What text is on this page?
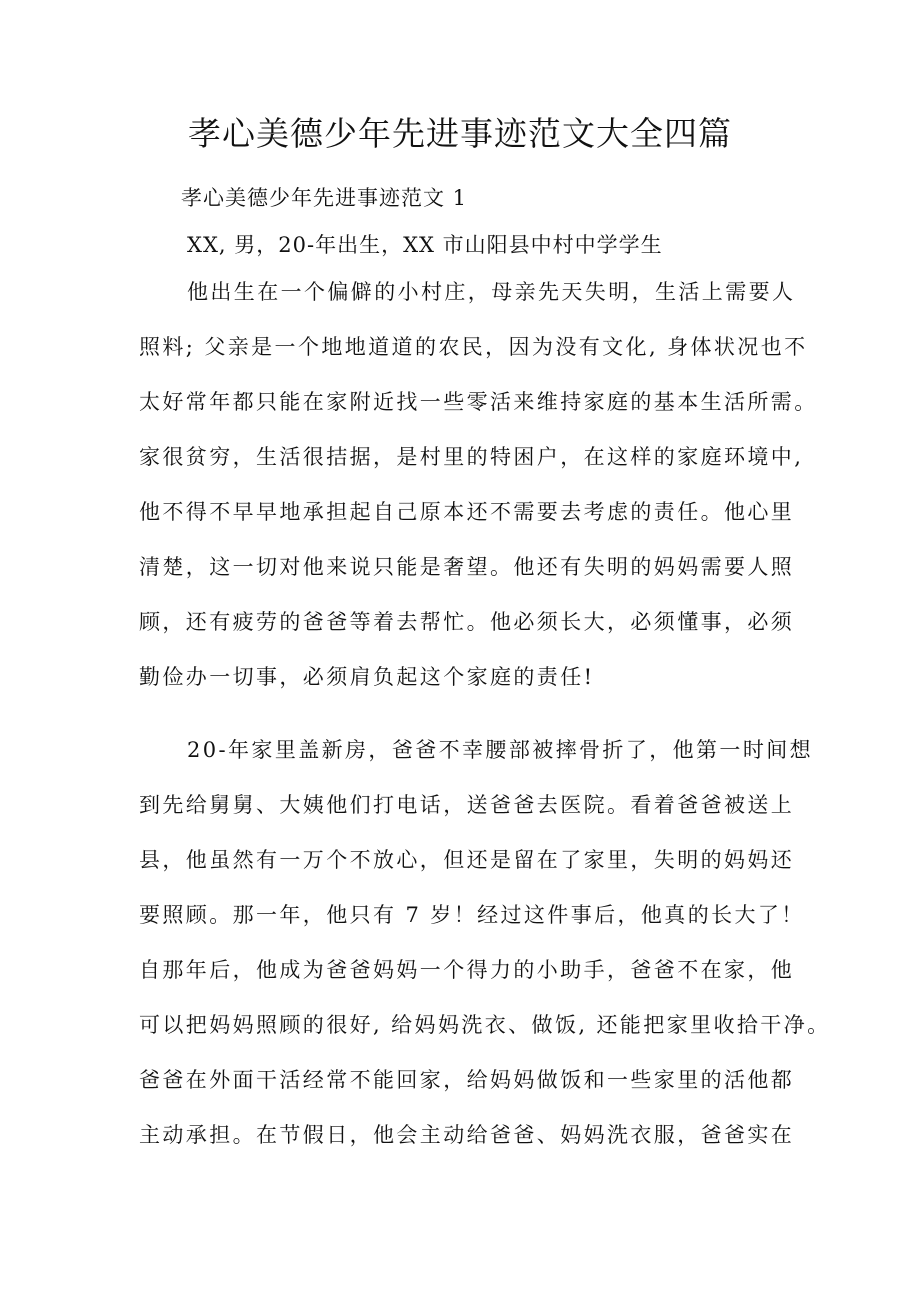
孝心美德少年先进事迹范文大全四篇

孝心美德少年先进事迹范文 1

XX, 男，20-年出生，XX 市山阳县中村中学学生

他出生在一个偏僻的小村庄，母亲先天失明，生活上需要人
照料; 父亲是一个地地道道的农民，因为没有文化, 身体状况也不
太好常年都只能在家附近找一些零活来维持家庭的基本生活所需。
家很贫穷，生活很拮据，是村里的特困户，在这样的家庭环境中,
他不得不早早地承担起自己原本还不需要去考虑的责任。他心里
清楚，这一切对他来说只能是奢望。他还有失明的妈妈需要人照
顾，还有疲劳的爸爸等着去帮忙。他必须长大，必须懂事，必须
勤俭办一切事，必须肩负起这个家庭的责任!
20-年家里盖新房，爸爸不幸腰部被摔骨折了，他第一时间想
到先给舅舅、大姨他们打电话，送爸爸去医院。看着爸爸被送上
县，他虽然有一万个不放心，但还是留在了家里，失明的妈妈还
要照顾。那一年，他只有 7 岁！经过这件事后，他真的长大了！
自那年后，他成为爸爸妈妈一个得力的小助手，爸爸不在家，他
可以把妈妈照顾的很好, 给妈妈洗衣、做饭, 还能把家里收拾干净。
爸爸在外面干活经常不能回家，给妈妈做饭和一些家里的活他都
主动承担。在节假日，他会主动给爸爸、妈妈洗衣服，爸爸实在
